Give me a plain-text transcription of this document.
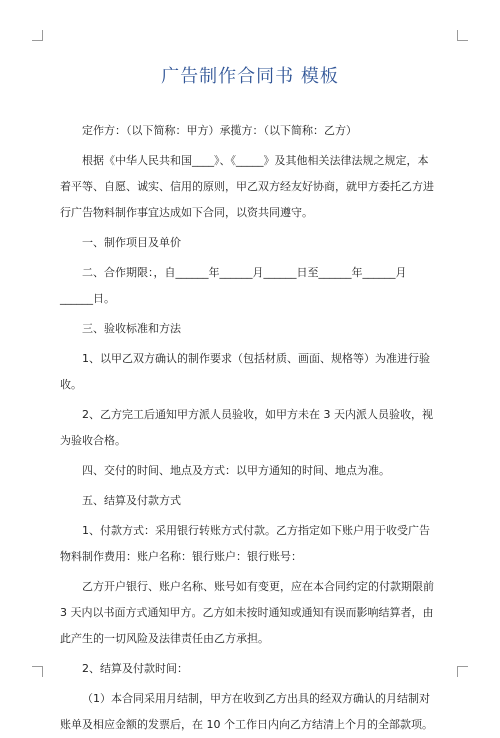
广告制作合同书 模板

定作方：（以下简称：甲方）承揽方：（以下简称：乙方）

根据《中华人民共和国____》、《_____》及其他相关法律法规之规定，本着平等、自愿、诚实、信用的原则，甲乙双方经友好协商，就甲方委托乙方进行广告物料制作事宜达成如下合同，以资共同遵守。

一、制作项目及单价

二、合作期限：，自______年______月______日至______年______月______日。

三、验收标准和方法

1、以甲乙双方确认的制作要求（包括材质、画面、规格等）为准进行验收。

2、乙方完工后通知甲方派人员验收，如甲方未在 3 天内派人员验收，视为验收合格。

四、交付的时间、地点及方式：以甲方通知的时间、地点为准。

五、结算及付款方式

1、付款方式：采用银行转账方式付款。乙方指定如下账户用于收受广告物料制作费用：账户名称：银行账户：银行账号：

乙方开户银行、账户名称、账号如有变更，应在本合同约定的付款期限前 3 天内以书面方式通知甲方。乙方如未按时通知或通知有误而影响结算者，由此产生的一切风险及法律责任由乙方承担。

2、结算及付款时间：

（1）本合同采用月结制，甲方在收到乙方出具的经双方确认的月结制对账单及相应金额的发票后，在 10 个工作日内向乙方结清上个月的全部款项。
